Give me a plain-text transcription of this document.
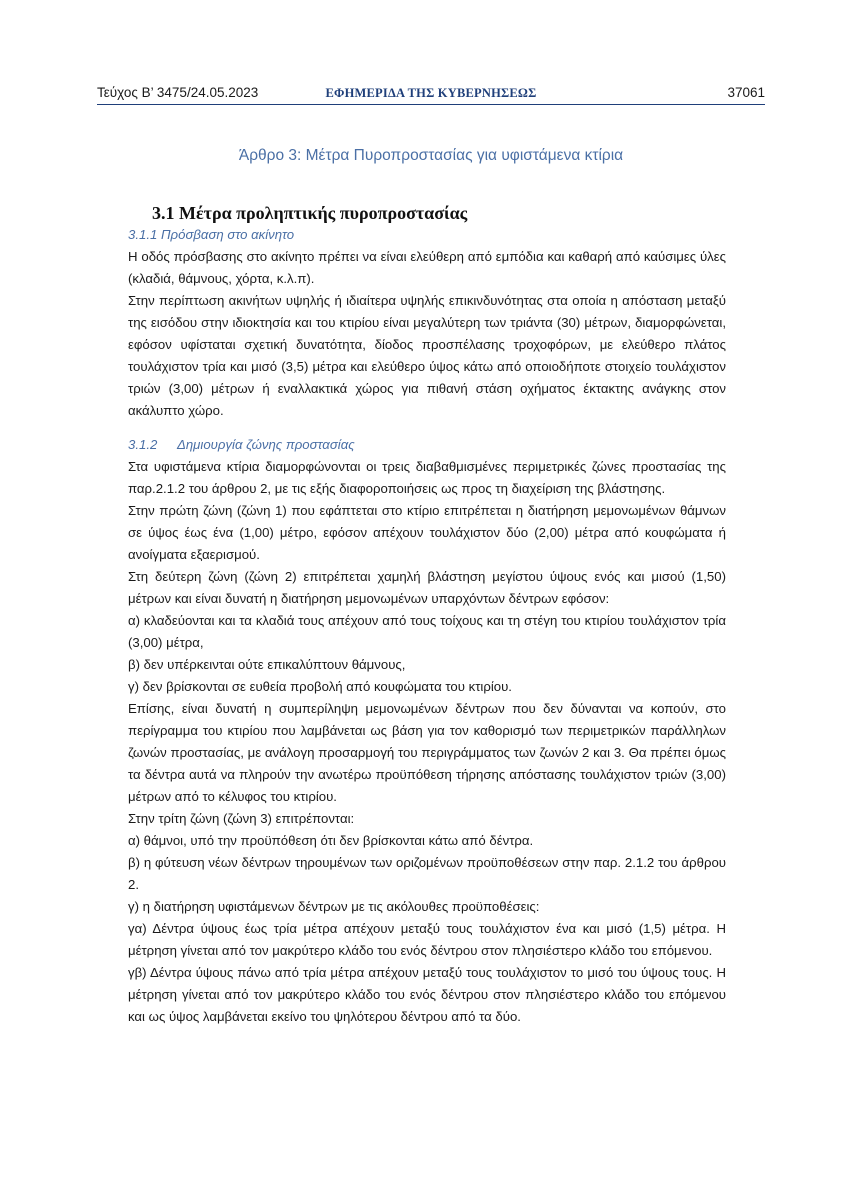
Τεύχος Β’ 3475/24.05.2023	ΕΦΗΜΕΡΙΔΑ ΤΗΣ ΚΥΒΕΡΝΗΣΕΩΣ	37061
Άρθρο 3: Μέτρα Πυροπροστασίας για υφιστάμενα κτίρια
3.1 Μέτρα προληπτικής πυροπροστασίας

3.1.1 Πρόσβαση στο ακίνητο

Η οδός πρόσβασης στο ακίνητο πρέπει να είναι ελεύθερη από εμπόδια και καθαρή από καύσιμες ύλες (κλαδιά, θάμνους, χόρτα, κ.λ.π).

Στην περίπτωση ακινήτων υψηλής ή ιδιαίτερα υψηλής επικινδυνότητας στα οποία η απόσταση μεταξύ της εισόδου στην ιδιοκτησία και του κτιρίου είναι μεγαλύτερη των τριάντα (30) μέτρων, διαμορφώνεται, εφόσον υφίσταται σχετική δυνατότητα, δίοδος προσπέλασης τροχοφόρων, με ελεύθερο πλάτος τουλάχιστον τρία και μισό (3,5) μέτρα και ελεύθερο ύψος κάτω από οποιοδήποτε στοιχείο τουλάχιστον τριών (3,00) μέτρων ή εναλλακτικά χώρος για πιθανή στάση οχήματος έκτακτης ανάγκης στον ακάλυπτο χώρο.

3.1.2 Δημιουργία ζώνης προστασίας

Στα υφιστάμενα κτίρια διαμορφώνονται οι τρεις διαβαθμισμένες περιμετρικές ζώνες προστασίας της παρ.2.1.2 του άρθρου 2, με τις εξής διαφοροποιήσεις ως προς τη διαχείριση της βλάστησης.

Στην πρώτη ζώνη (ζώνη 1) που εφάπτεται στο κτίριο επιτρέπεται η διατήρηση μεμονωμένων θάμνων σε ύψος έως ένα (1,00) μέτρο, εφόσον απέχουν τουλάχιστον δύο (2,00) μέτρα από κουφώματα ή ανοίγματα εξαερισμού.

Στη δεύτερη ζώνη (ζώνη 2) επιτρέπεται χαμηλή βλάστηση μεγίστου ύψους ενός και μισού (1,50) μέτρων και είναι δυνατή η διατήρηση μεμονωμένων υπαρχόντων δέντρων εφόσον:

α) κλαδεύονται και τα κλαδιά τους απέχουν από τους τοίχους και τη στέγη του κτιρίου τουλάχιστον τρία (3,00) μέτρα,

β) δεν υπέρκεινται ούτε επικαλύπτουν θάμνους,

γ) δεν βρίσκονται σε ευθεία προβολή από κουφώματα του κτιρίου.

Επίσης, είναι δυνατή η συμπερίληψη μεμονωμένων δέντρων που δεν δύνανται να κοπούν, στο περίγραμμα του κτιρίου που λαμβάνεται ως βάση για τον καθορισμό των περιμετρικών παράλληλων ζωνών προστασίας, με ανάλογη προσαρμογή του περιγράμματος των ζωνών 2 και 3. Θα πρέπει όμως τα δέντρα αυτά να πληρούν την ανωτέρω προϋπόθεση τήρησης απόστασης τουλάχιστον τριών (3,00) μέτρων από το κέλυφος του κτιρίου.

Στην τρίτη ζώνη (ζώνη 3) επιτρέπονται:

α) θάμνοι, υπό την προϋπόθεση ότι δεν βρίσκονται κάτω από δέντρα.

β) η φύτευση νέων δέντρων τηρουμένων των οριζομένων προϋποθέσεων στην παρ. 2.1.2 του άρθρου 2.

γ) η διατήρηση υφιστάμενων δέντρων με τις ακόλουθες προϋποθέσεις:

γα) Δέντρα ύψους έως τρία μέτρα απέχουν μεταξύ τους τουλάχιστον ένα και μισό (1,5) μέτρα. Η μέτρηση γίνεται από τον μακρύτερο κλάδο του ενός δέντρου στον πλησιέστερο κλάδο του επόμενου.

γβ) Δέντρα ύψους πάνω από τρία μέτρα απέχουν μεταξύ τους τουλάχιστον το μισό του ύψους τους. Η μέτρηση γίνεται από τον μακρύτερο κλάδο του ενός δέντρου στον πλησιέστερο κλάδο του επόμενου και ως ύψος λαμβάνεται εκείνο του ψηλότερου δέντρου από τα δύο.
